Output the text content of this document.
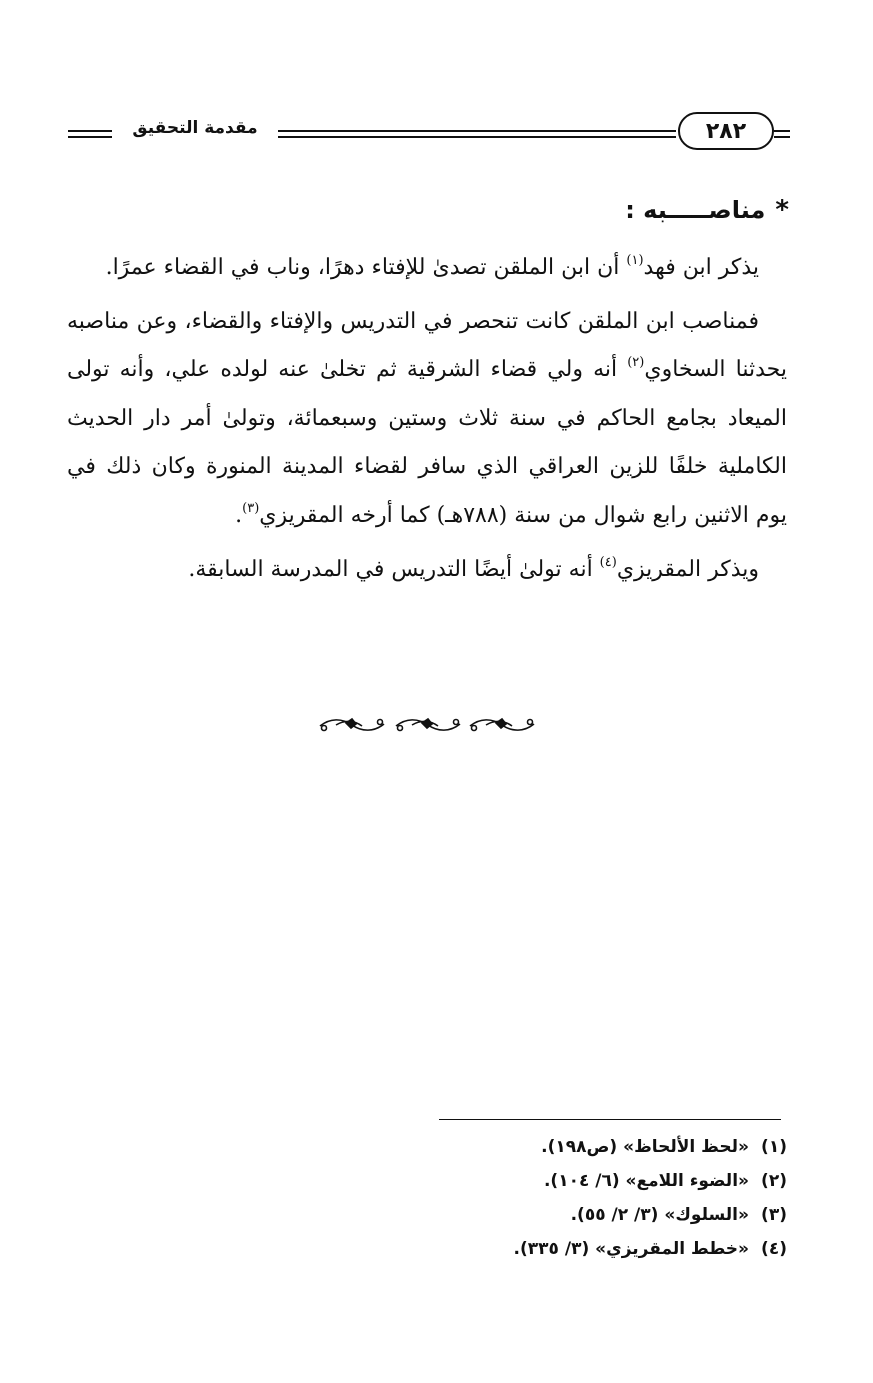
٢٨٢
مقدمة التحقيق
*مناصـــــبه :

يذكر ابن فهد$^{(١)}$ أن ابن الملقن تصدىٰ للإفتاء دهرًا، وناب في القضاء عمرًا.

فمناصب ابن الملقن كانت تنحصر في التدريس والإفتاء والقضاء، وعن مناصبه يحدثنا السخاوي$^{(٢)}$ أنه ولي قضاء الشرقية ثم تخلىٰ عنه لولده علي، وأنه تولى الميعاد بجامع الحاكم في سنة ثلاث وستين وسبعمائة، وتولىٰ أمر دار الحديث الكاملية خلفًا للزين العراقي الذي سافر لقضاء المدينة المنورة وكان ذلك في يوم الاثنين رابع شوال من سنة (٧٨٨هـ) كما أرخه المقريزي$^{(٣)}$.

ويذكر المقريزي$^{(٤)}$ أنه تولىٰ أيضًا التدريس في المدرسة السابقة.

(١)«لحظ الألحاظ» (ص١٩٨).
(٢)«الضوء اللامع» (٦/ ١٠٤).
(٣)«السلوك» (٣/ ٢/ ٥٥).
(٤)«خطط المقريزي» (٣/ ٣٣٥).
